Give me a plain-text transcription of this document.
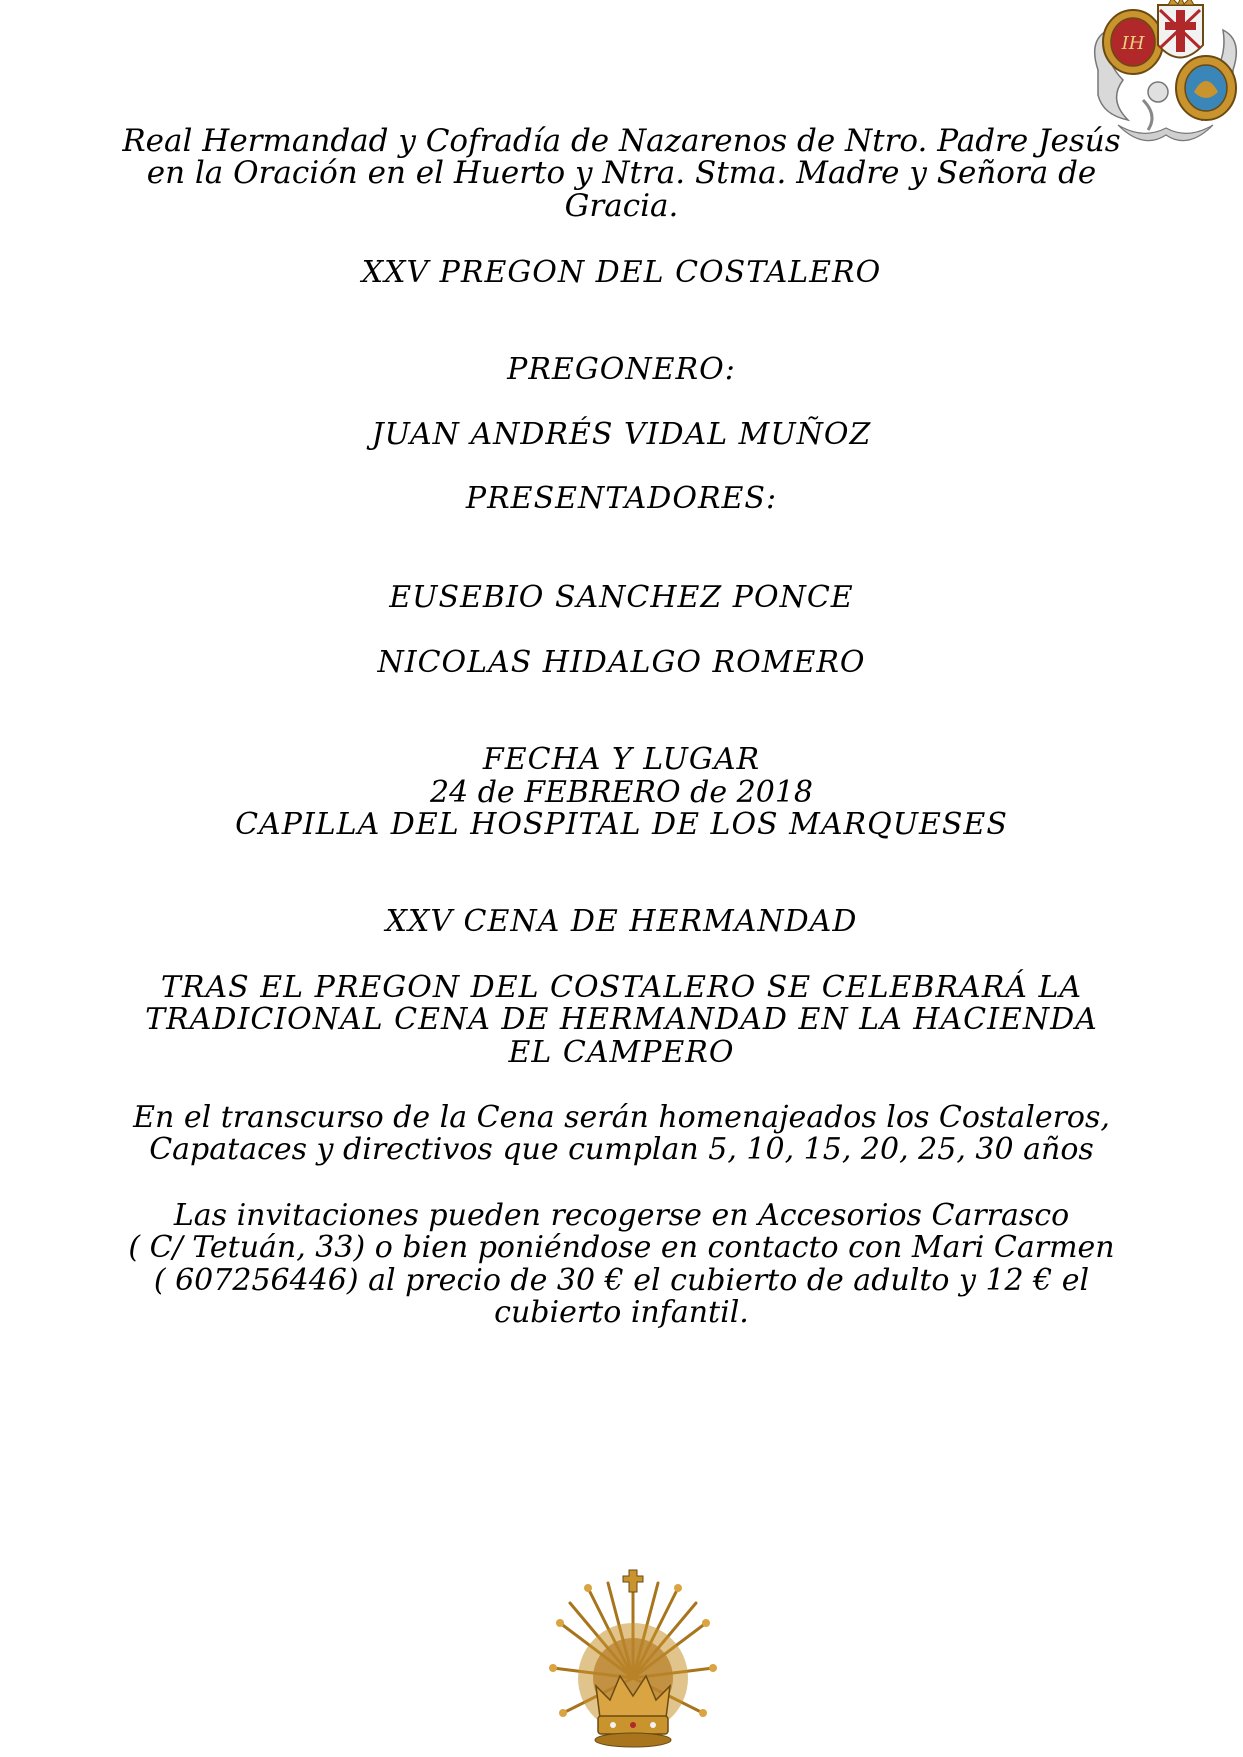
IH
Real Hermandad y Cofradía de Nazarenos de Ntro. Padre Jesús
en la Oración en el Huerto y Ntra. Stma. Madre y Señora de
Gracia.
XXV PREGON DEL COSTALERO
PREGONERO:
JUAN ANDRÉS VIDAL MUÑOZ
PRESENTADORES:
EUSEBIO SANCHEZ PONCE
NICOLAS HIDALGO ROMERO
FECHA Y LUGAR
24 de FEBRERO de 2018
CAPILLA DEL HOSPITAL DE LOS MARQUESES
XXV CENA DE HERMANDAD
TRAS EL PREGON DEL COSTALERO SE CELEBRARÁ LA
TRADICIONAL CENA DE HERMANDAD EN LA HACIENDA
EL CAMPERO
En el transcurso de la Cena serán homenajeados los Costaleros,
Capataces y directivos que cumplan 5, 10, 15, 20, 25, 30 años
Las invitaciones pueden recogerse en Accesorios Carrasco
( C/ Tetuán, 33) o bien poniéndose en contacto con Mari Carmen
( 607256446) al precio de 30 € el cubierto de adulto y 12 € el
cubierto infantil.
